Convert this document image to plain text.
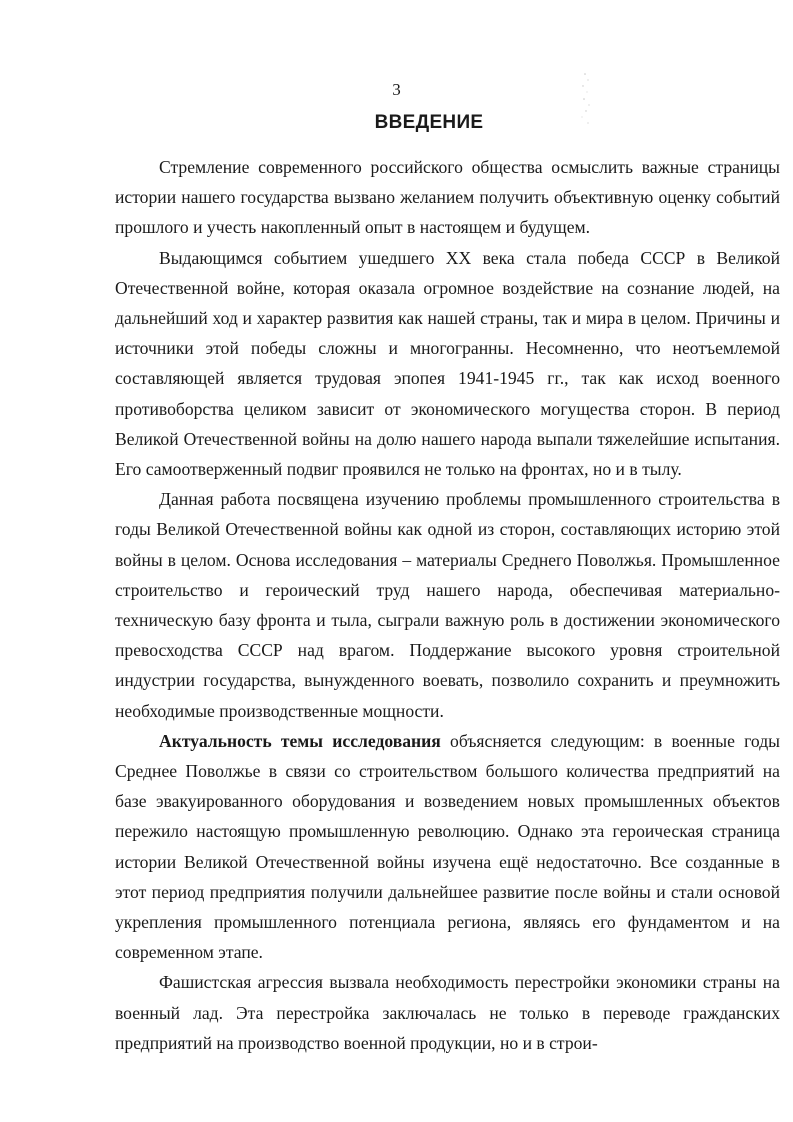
3
ВВЕДЕНИЕ

Стремление современного российского общества осмыслить важные страницы истории нашего государства вызвано желанием получить объективную оценку событий прошлого и учесть накопленный опыт в настоящем и будущем.

Выдающимся событием ушедшего XX века стала победа СССР в Великой Отечественной войне, которая оказала огромное воздействие на сознание людей, на дальнейший ход и характер развития как нашей страны, так и мира в целом. Причины и источники этой победы сложны и многогранны. Несомненно, что неотъемлемой составляющей является трудовая эпопея 1941-1945 гг., так как исход военного противоборства целиком зависит от экономического могущества сторон. В период Великой Отечественной войны на долю нашего народа выпали тяжелейшие испытания. Его самоотверженный подвиг проявился не только на фронтах, но и в тылу.

Данная работа посвящена изучению проблемы промышленного строительства в годы Великой Отечественной войны как одной из сторон, составляющих историю этой войны в целом. Основа исследования – материалы Среднего Поволжья. Промышленное строительство и героический труд нашего народа, обеспечивая материально-техническую базу фронта и тыла, сыграли важную роль в достижении экономического превосходства СССР над врагом. Поддержание высокого уровня строительной индустрии государства, вынужденного воевать, позволило сохранить и преумножить необходимые производственные мощности.

Актуальность темы исследования объясняется следующим: в военные годы Среднее Поволжье в связи со строительством большого количества предприятий на базе эвакуированного оборудования и возведением новых промышленных объектов пережило настоящую промышленную революцию. Однако эта героическая страница истории Великой Отечественной войны изучена ещё недостаточно. Все созданные в этот период предприятия получили дальнейшее развитие после войны и стали основой укрепления промышленного потенциала региона, являясь его фундаментом и на современном этапе.

Фашистская агрессия вызвала необходимость перестройки экономики страны на военный лад. Эта перестройка заключалась не только в переводе гражданских предприятий на производство военной продукции, но и в строи-
